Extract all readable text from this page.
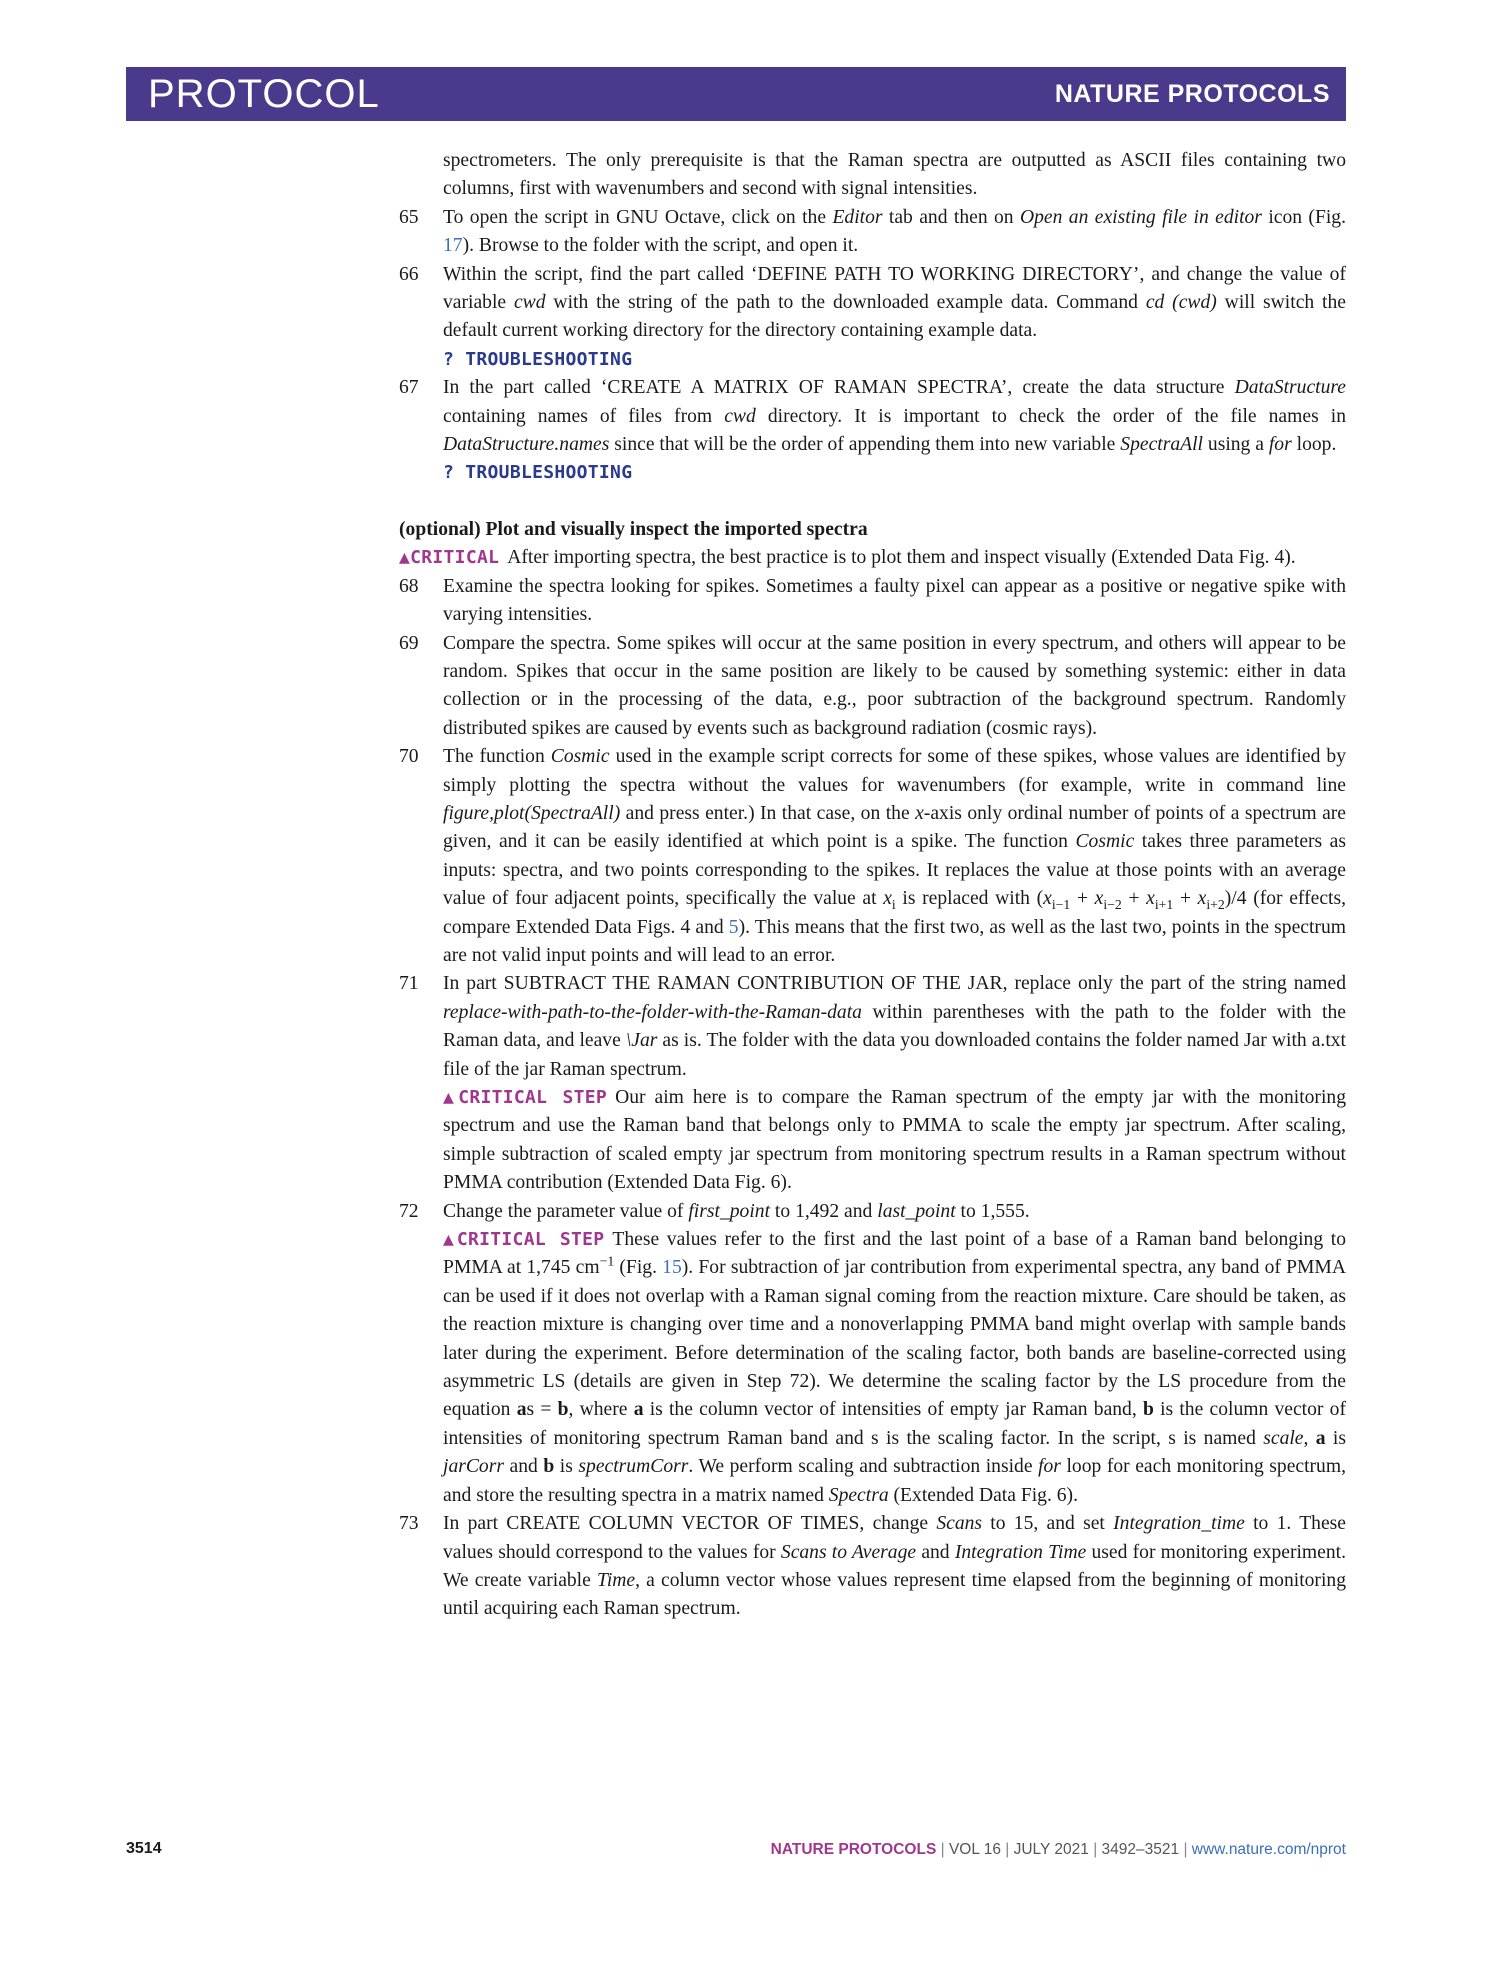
PROTOCOL	NATURE PROTOCOLS

spectrometers. The only prerequisite is that the Raman spectra are outputted as ASCII files containing two columns, first with wavenumbers and second with signal intensities.

65 To open the script in GNU Octave, click on the Editor tab and then on Open an existing file in editor icon (Fig. 17). Browse to the folder with the script, and open it.
66 Within the script, find the part called ‘DEFINE PATH TO WORKING DIRECTORY’, and change the value of variable cwd with the string of the path to the downloaded example data. Command cd (cwd) will switch the default current working directory for the directory containing example data.
? TROUBLESHOOTING
67 In the part called ‘CREATE A MATRIX OF RAMAN SPECTRA’, create the data structure DataStructure containing names of files from cwd directory. It is important to check the order of the file names in DataStructure.names since that will be the order of appending them into new variable SpectraAll using a for loop.
? TROUBLESHOOTING

(optional) Plot and visually inspect the imported spectra

▲CRITICAL After importing spectra, the best practice is to plot them and inspect visually (Extended Data Fig. 4).

68 Examine the spectra looking for spikes. Sometimes a faulty pixel can appear as a positive or negative spike with varying intensities.
69 Compare the spectra. Some spikes will occur at the same position in every spectrum, and others will appear to be random. Spikes that occur in the same position are likely to be caused by something systemic: either in data collection or in the processing of the data, e.g., poor subtraction of the background spectrum. Randomly distributed spikes are caused by events such as background radiation (cosmic rays).
70 The function Cosmic used in the example script corrects for some of these spikes, whose values are identified by simply plotting the spectra without the values for wavenumbers (for example, write in command line figure,plot(SpectraAll) and press enter.) In that case, on the x-axis only ordinal number of points of a spectrum are given, and it can be easily identified at which point is a spike. The function Cosmic takes three parameters as inputs: spectra, and two points corresponding to the spikes. It replaces the value at those points with an average value of four adjacent points, specifically the value at $x_i$ is replaced with $(x_{i-1} + x_{i-2} + x_{i+1} + x_{i+2})/4$ (for effects, compare Extended Data Figs. 4 and 5). This means that the first two, as well as the last two, points in the spectrum are not valid input points and will lead to an error.
71 In part SUBTRACT THE RAMAN CONTRIBUTION OF THE JAR, replace only the part of the string named replace-with-path-to-the-folder-with-the-Raman-data within parentheses with the path to the folder with the Raman data, and leave \Jar as is. The folder with the data you downloaded contains the folder named Jar with a.txt file of the jar Raman spectrum.
▲CRITICAL STEP Our aim here is to compare the Raman spectrum of the empty jar with the monitoring spectrum and use the Raman band that belongs only to PMMA to scale the empty jar spectrum. After scaling, simple subtraction of scaled empty jar spectrum from monitoring spectrum results in a Raman spectrum without PMMA contribution (Extended Data Fig. 6).
72 Change the parameter value of first_point to 1,492 and last_point to 1,555.
▲CRITICAL STEP These values refer to the first and the last point of a base of a Raman band belonging to PMMA at 1,745 $cm^{-1}$ (Fig. 15). For subtraction of jar contribution from experimental spectra, any band of PMMA can be used if it does not overlap with a Raman signal coming from the reaction mixture. Care should be taken, as the reaction mixture is changing over time and a nonoverlapping PMMA band might overlap with sample bands later during the experiment. Before determination of the scaling factor, both bands are baseline-corrected using asymmetric LS (details are given in Step 72). We determine the scaling factor by the LS procedure from the equation as = b, where a is the column vector of intensities of empty jar Raman band, b is the column vector of intensities of monitoring spectrum Raman band and s is the scaling factor. In the script, s is named scale, a is jarCorr and b is spectrumCorr. We perform scaling and subtraction inside for loop for each monitoring spectrum, and store the resulting spectra in a matrix named Spectra (Extended Data Fig. 6).
73 In part CREATE COLUMN VECTOR OF TIMES, change Scans to 15, and set Integration_time to 1. These values should correspond to the values for Scans to Average and Integration Time used for monitoring experiment. We create variable Time, a column vector whose values represent time elapsed from the beginning of monitoring until acquiring each Raman spectrum.
3514	NATURE PROTOCOLS | VOL 16 | JULY 2021 | 3492–3521 | www.nature.com/nprot
